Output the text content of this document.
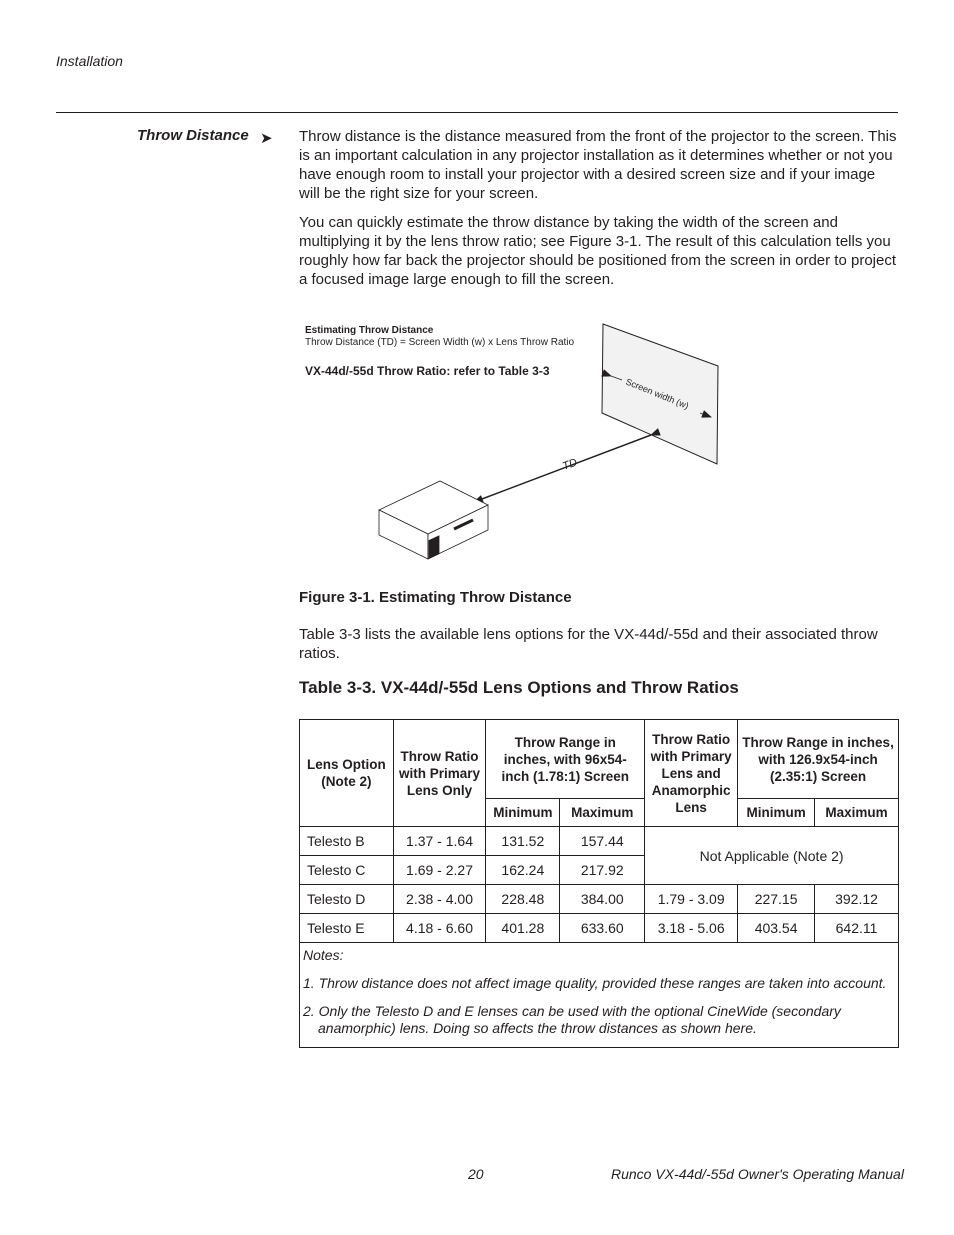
Installation
Throw Distance ➤ Throw distance is the distance measured from the front of the projector to the screen. This is an important calculation in any projector installation as it determines whether or not you have enough room to install your projector with a desired screen size and if your image will be the right size for your screen.
You can quickly estimate the throw distance by taking the width of the screen and multiplying it by the lens throw ratio; see Figure 3-1. The result of this calculation tells you roughly how far back the projector should be positioned from the screen in order to project a focused image large enough to fill the screen.
Estimating Throw Distance
Throw Distance (TD) = Screen Width (w) x Lens Throw Ratio
VX-44d/-55d Throw Ratio: refer to Table 3-3
Screen width (w)
TD
Figure 3-1. Estimating Throw Distance
Table 3-3 lists the available lens options for the VX-44d/-55d and their associated throw ratios.
Table 3-3. VX-44d/-55d Lens Options and Throw Ratios
Lens Option (Note 2)	Throw Ratio with Primary Lens Only	Throw Range in inches, with 96x54-inch (1.78:1) Screen		Throw Ratio with Primary Lens and Anamorphic Lens	Throw Range in inches, with 126.9x54-inch (2.35:1) Screen	
		Minimum	Maximum		Minimum	Maximum
Telesto B	1.37 - 1.64	131.52	157.44	Not Applicable (Note 2)		
Telesto C	1.69 - 2.27	162.24	217.92			
Telesto D	2.38 - 4.00	228.48	384.00	1.79 - 3.09	227.15	392.12
Telesto E	4.18 - 6.60	401.28	633.60	3.18 - 5.06	403.54	642.11

Notes:
1. Throw distance does not affect image quality, provided these ranges are taken into account.
2. Only the Telesto D and E lenses can be used with the optional CineWide (secondary anamorphic) lens. Doing so affects the throw distances as shown here.						
20	Runco VX-44d/-55d Owner's Operating Manual
